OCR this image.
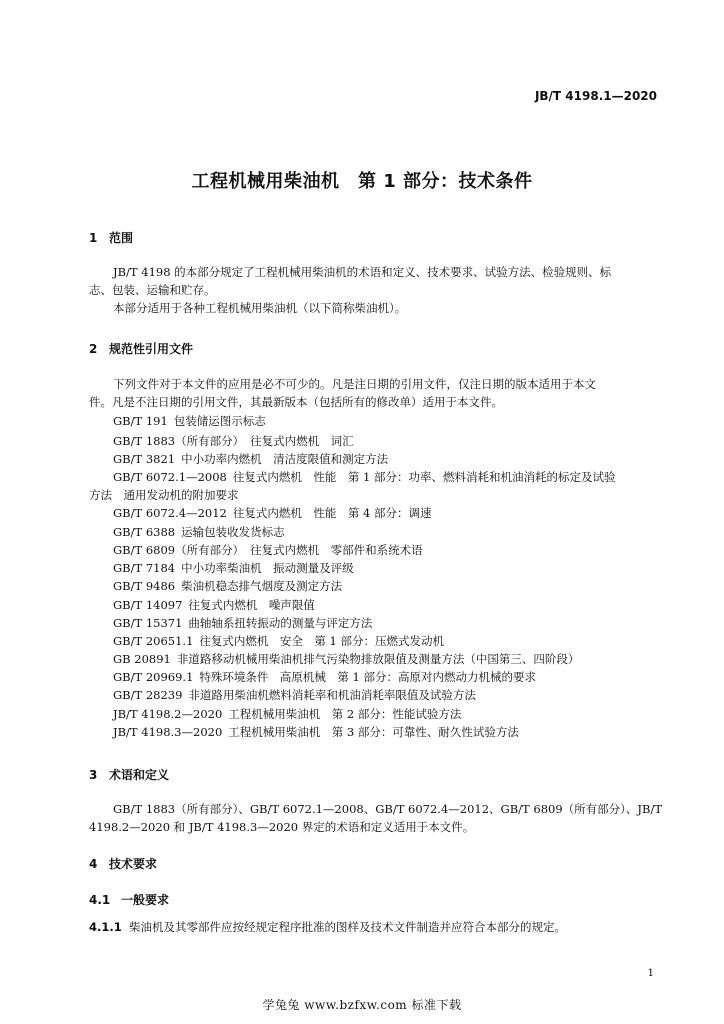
JB/T 4198.1—2020
工程机械用柴油机　第 1 部分：技术条件
1 范围
JB/T 4198 的本部分规定了工程机械用柴油机的术语和定义、技术要求、试验方法、检验规则、标
志、包装、运输和贮存。
本部分适用于各种工程机械用柴油机（以下简称柴油机）。
2 规范性引用文件
下列文件对于本文件的应用是必不可少的。凡是注日期的引用文件，仅注日期的版本适用于本文
件。凡是不注日期的引用文件，其最新版本（包括所有的修改单）适用于本文件。
GB/T 191 包装储运图示标志
GB/T 1883（所有部分） 往复式内燃机　词汇
GB/T 3821 中小功率内燃机　清洁度限值和测定方法
GB/T 6072.1—2008 往复式内燃机　性能　第 1 部分：功率、燃料消耗和机油消耗的标定及试验
方法　通用发动机的附加要求
GB/T 6072.4—2012 往复式内燃机　性能　第 4 部分：调速
GB/T 6388 运输包装收发货标志
GB/T 6809（所有部分） 往复式内燃机　零部件和系统术语
GB/T 7184 中小功率柴油机　振动测量及评级
GB/T 9486 柴油机稳态排气烟度及测定方法
GB/T 14097 往复式内燃机　噪声限值
GB/T 15371 曲轴轴系扭转振动的测量与评定方法
GB/T 20651.1 往复式内燃机　安全　第 1 部分：压燃式发动机
GB 20891 非道路移动机械用柴油机排气污染物排放限值及测量方法（中国第三、四阶段）
GB/T 20969.1 特殊环境条件　高原机械　第 1 部分：高原对内燃动力机械的要求
GB/T 28239 非道路用柴油机燃料消耗率和机油消耗率限值及试验方法
JB/T 4198.2—2020 工程机械用柴油机　第 2 部分：性能试验方法
JB/T 4198.3—2020 工程机械用柴油机　第 3 部分：可靠性、耐久性试验方法
3 术语和定义
GB/T 1883（所有部分）、GB/T 6072.1—2008、GB/T 6072.4—2012、GB/T 6809（所有部分）、JB/T
4198.2—2020 和 JB/T 4198.3—2020 界定的术语和定义适用于本文件。
4 技术要求
4.1 一般要求
4.1.1 柴油机及其零部件应按经规定程序批准的图样及技术文件制造并应符合本部分的规定。
1
学兔兔 www.bzfxw.com 标准下载
